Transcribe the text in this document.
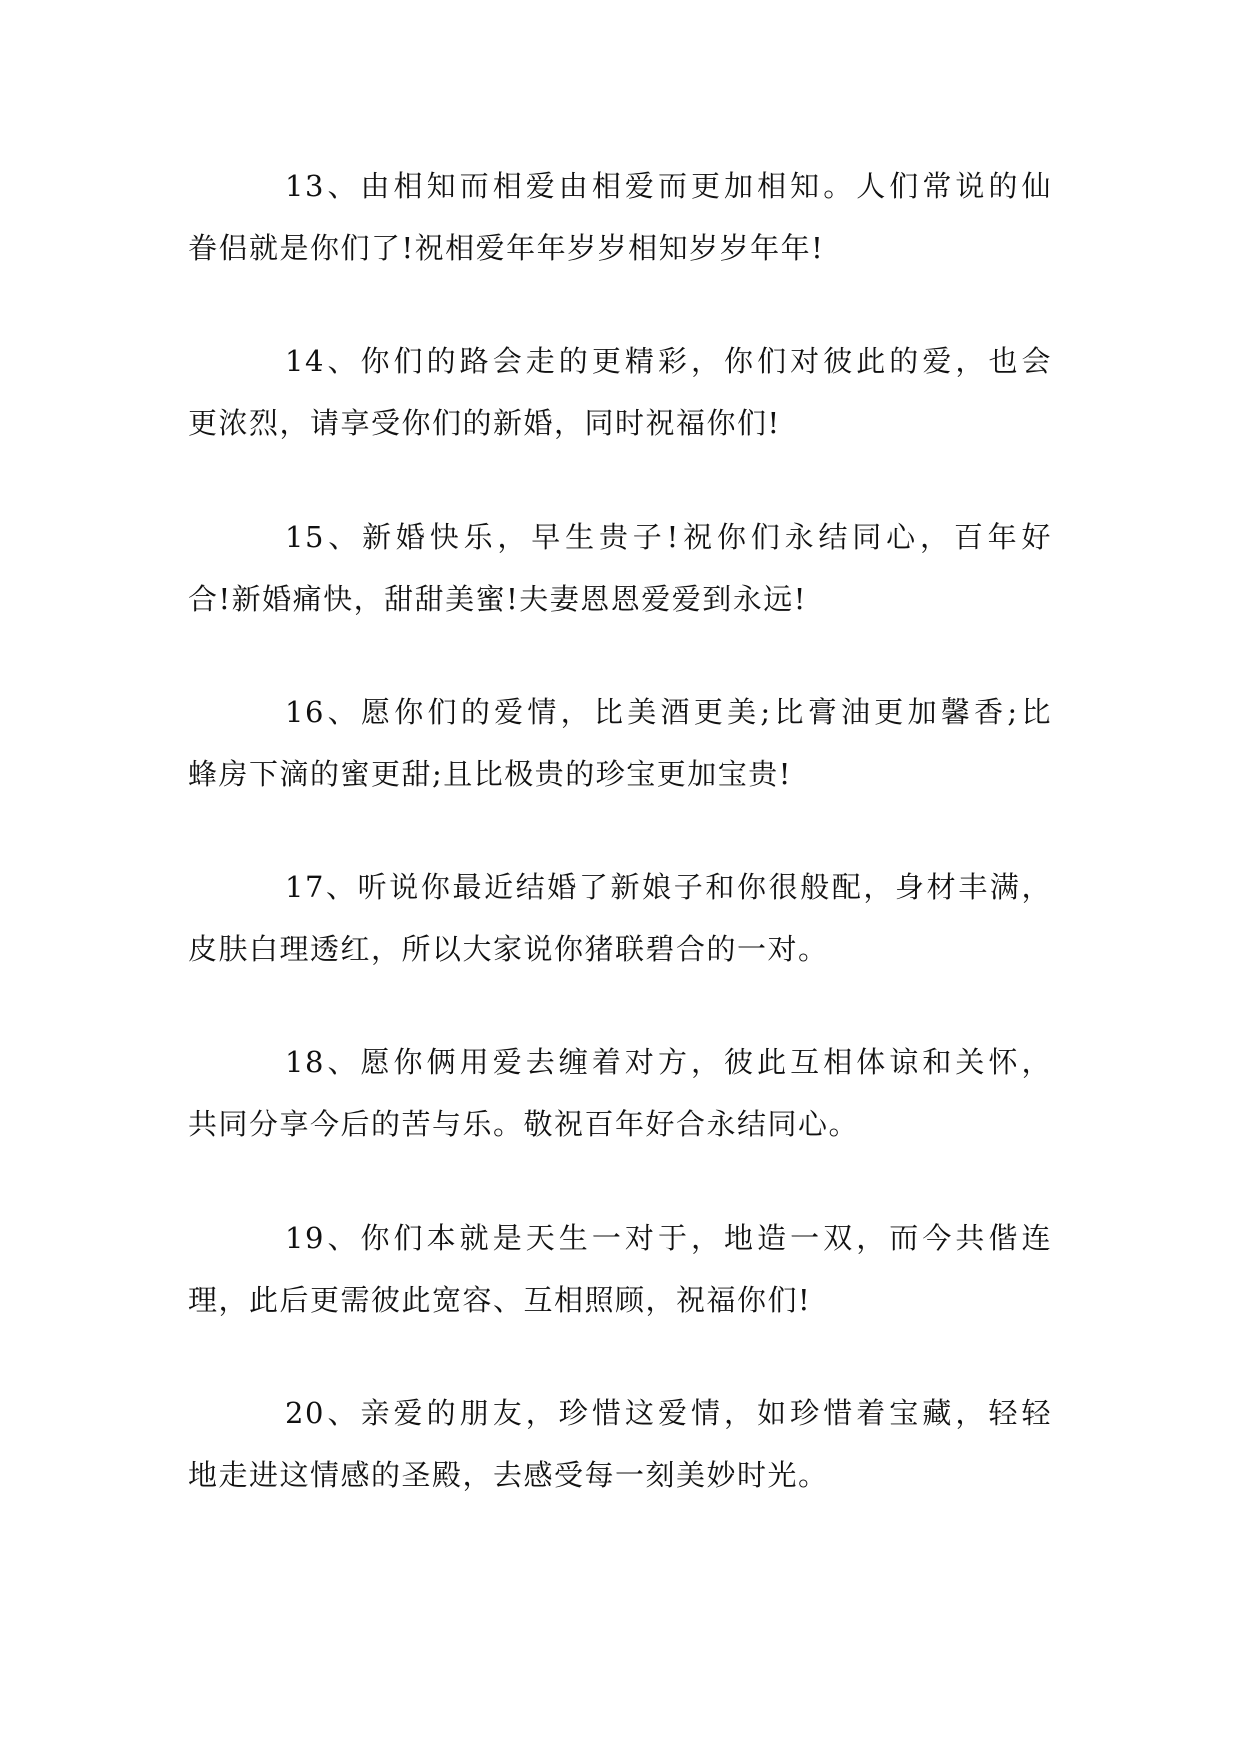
13、由相知而相爱由相爱而更加相知。人们常说的仙
眷侣就是你们了!祝相爱年年岁岁相知岁岁年年!

14、你们的路会走的更精彩，你们对彼此的爱，也会
更浓烈，请享受你们的新婚，同时祝福你们!

15、新婚快乐，早生贵子!祝你们永结同心，百年好
合!新婚痛快，甜甜美蜜!夫妻恩恩爱爱到永远!

16、愿你们的爱情，比美酒更美;比膏油更加馨香;比
蜂房下滴的蜜更甜;且比极贵的珍宝更加宝贵!

17、听说你最近结婚了新娘子和你很般配，身材丰满，
皮肤白理透红，所以大家说你猪联碧合的一对。

18、愿你俩用爱去缠着对方，彼此互相体谅和关怀，
共同分享今后的苦与乐。敬祝百年好合永结同心。

19、你们本就是天生一对于，地造一双，而今共偕连
理，此后更需彼此宽容、互相照顾，祝福你们!

20、亲爱的朋友，珍惜这爱情，如珍惜着宝藏，轻轻
地走进这情感的圣殿，去感受每一刻美妙时光。
